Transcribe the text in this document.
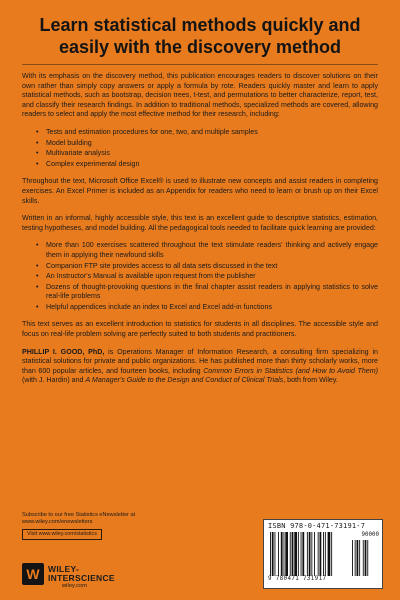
Learn statistical methods quickly and easily with the discovery method

With its emphasis on the discovery method, this publication encourages readers to discover solutions on their own rather than simply copy answers or apply a formula by rote. Readers quickly master and learn to apply statistical methods, such as bootstrap, decision trees, t-test, and permutations to better characterize, report, test, and classify their research findings. In addition to traditional methods, specialized methods are covered, allowing readers to select and apply the most effective method for their research, including:

• Tests and estimation procedures for one, two, and multiple samples
• Model building
• Multivariate analysis
• Complex experimental design

Throughout the text, Microsoft Office Excel® is used to illustrate new concepts and assist readers in completing exercises. An Excel Primer is included as an Appendix for readers who need to learn or brush up on their Excel skills.

Written in an informal, highly accessible style, this text is an excellent guide to descriptive statistics, estimation, testing hypotheses, and model building. All the pedagogical tools needed to facilitate quick learning are provided:

• More than 100 exercises scattered throughout the text stimulate readers' thinking and actively engage them in applying their newfound skills
• Companion FTP site provides access to all data sets discussed in the text
• An Instructor's Manual is available upon request from the publisher
• Dozens of thought-provoking questions in the final chapter assist readers in applying statistics to solve real-life problems
• Helpful appendices include an index to Excel and Excel add-in functions

This text serves as an excellent introduction to statistics for students in all disciplines. The accessible style and focus on real-life problem solving are perfectly suited to both students and practitioners.

PHILLIP I. GOOD, PhD, is Operations Manager of Information Research, a consulting firm specializing in statistical solutions for private and public organizations. He has published more than thirty scholarly works, more than 600 popular articles, and fourteen books, including Common Errors in Statistics (and How to Avoid Them) (with J. Hardin) and A Manager's Guide to the Design and Conduct of Clinical Trials, both from Wiley.

Subscribe to our free Statistics eNewsletter at
www.wiley.com/enewsletters
Visit www.wiley.com/statistics
W WILEY-
INTERSCIENCE
wiley.com
ISBN 978-0-471-73191-7
90000
9 780471 731917
